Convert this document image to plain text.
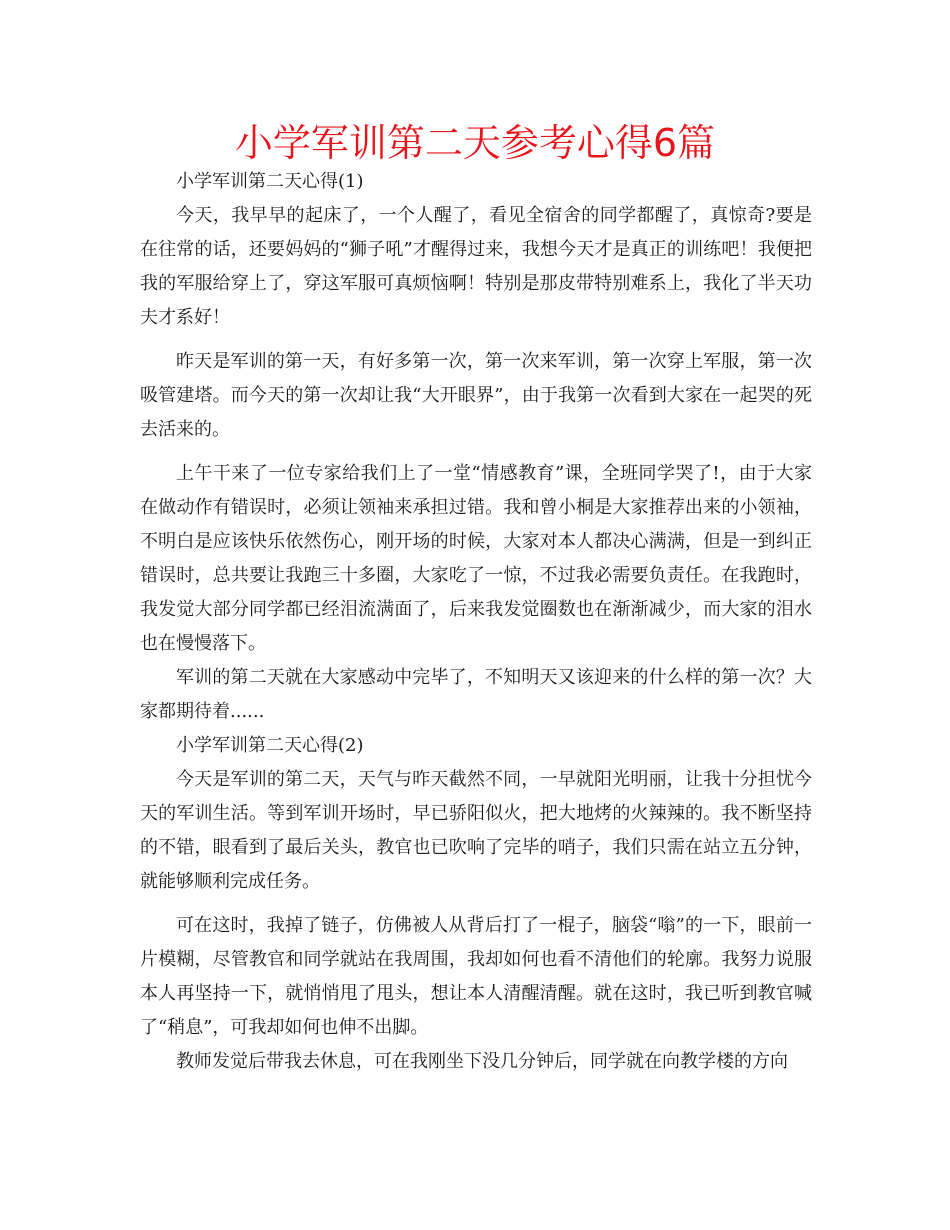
小学军训第二天参考心得6篇

小学军训第二天心得(1)

今天，我早早的起床了，一个人醒了，看见全宿舍的同学都醒了，真惊奇?要是在往常的话，还要妈妈的“狮子吼”才醒得过来，我想今天才是真正的训练吧！我便把我的军服给穿上了，穿这军服可真烦恼啊！特别是那皮带特别难系上，我化了半天功夫才系好！

昨天是军训的第一天，有好多第一次，第一次来军训，第一次穿上军服，第一次吸管建塔。而今天的第一次却让我“大开眼界”，由于我第一次看到大家在一起哭的死去活来的。

上午干来了一位专家给我们上了一堂“情感教育”课，全班同学哭了!，由于大家在做动作有错误时，必须让领袖来承担过错。我和曾小桐是大家推荐出来的小领袖，不明白是应该快乐依然伤心，刚开场的时候，大家对本人都决心满满，但是一到纠正错误时，总共要让我跑三十多圈，大家吃了一惊，不过我必需要负责任。在我跑时，我发觉大部分同学都已经泪流满面了，后来我发觉圈数也在渐渐减少，而大家的泪水也在慢慢落下。

军训的第二天就在大家感动中完毕了，不知明天又该迎来的什么样的第一次？大家都期待着......

小学军训第二天心得(2)

今天是军训的第二天，天气与昨天截然不同，一早就阳光明丽，让我十分担忧今天的军训生活。等到军训开场时，早已骄阳似火，把大地烤的火辣辣的。我不断坚持的不错，眼看到了最后关头，教官也已吹响了完毕的哨子，我们只需在站立五分钟，就能够顺利完成任务。

可在这时，我掉了链子，仿佛被人从背后打了一棍子，脑袋“嗡”的一下，眼前一片模糊，尽管教官和同学就站在我周围，我却如何也看不清他们的轮廓。我努力说服本人再坚持一下，就悄悄甩了甩头，想让本人清醒清醒。就在这时，我已听到教官喊了“稍息”，可我却如何也伸不出脚。

教师发觉后带我去休息，可在我刚坐下没几分钟后，同学就在向教学楼的方向
